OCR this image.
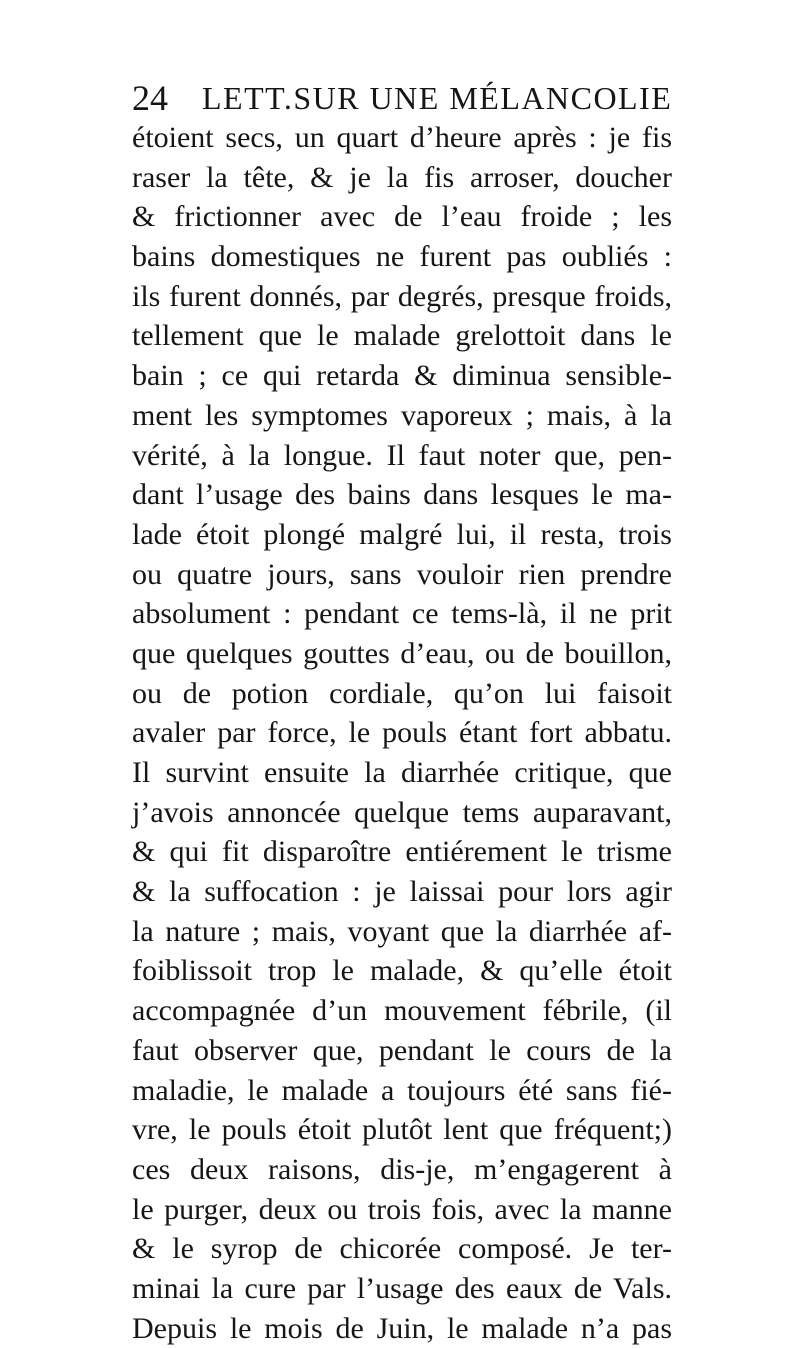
24 LETT.SUR UNE MÉLANCOLIE
étoient secs, un quart d’heure après : je fis
raser la tête, & je la fis arroser, doucher
& frictionner avec de l’eau froide ; les
bains domestiques ne furent pas oubliés :
ils furent donnés, par degrés, presque froids,
tellement que le malade grelottoit dans le
bain ; ce qui retarda & diminua sensible-
ment les symptomes vaporeux ; mais, à la
vérité, à la longue. Il faut noter que, pen-
dant l’usage des bains dans lesques le ma-
lade étoit plongé malgré lui, il resta, trois
ou quatre jours, sans vouloir rien prendre
absolument : pendant ce tems-là, il ne prit
que quelques gouttes d’eau, ou de bouillon,
ou de potion cordiale, qu’on lui faisoit
avaler par force, le pouls étant fort abbatu.
Il survint ensuite la diarrhée critique, que
j’avois annoncée quelque tems auparavant,
& qui fit disparoître entiérement le trisme
& la suffocation : je laissai pour lors agir
la nature ; mais, voyant que la diarrhée af-
foiblissoit trop le malade, & qu’elle étoit
accompagnée d’un mouvement fébrile, (il
faut observer que, pendant le cours de la
maladie, le malade a toujours été sans fié-
vre, le pouls étoit plutôt lent que fréquent;)
ces deux raisons, dis-je, m’engagerent à
le purger, deux ou trois fois, avec la manne
& le syrop de chicorée composé. Je ter-
minai la cure par l’usage des eaux de Vals.
Depuis le mois de Juin, le malade n’a pas
